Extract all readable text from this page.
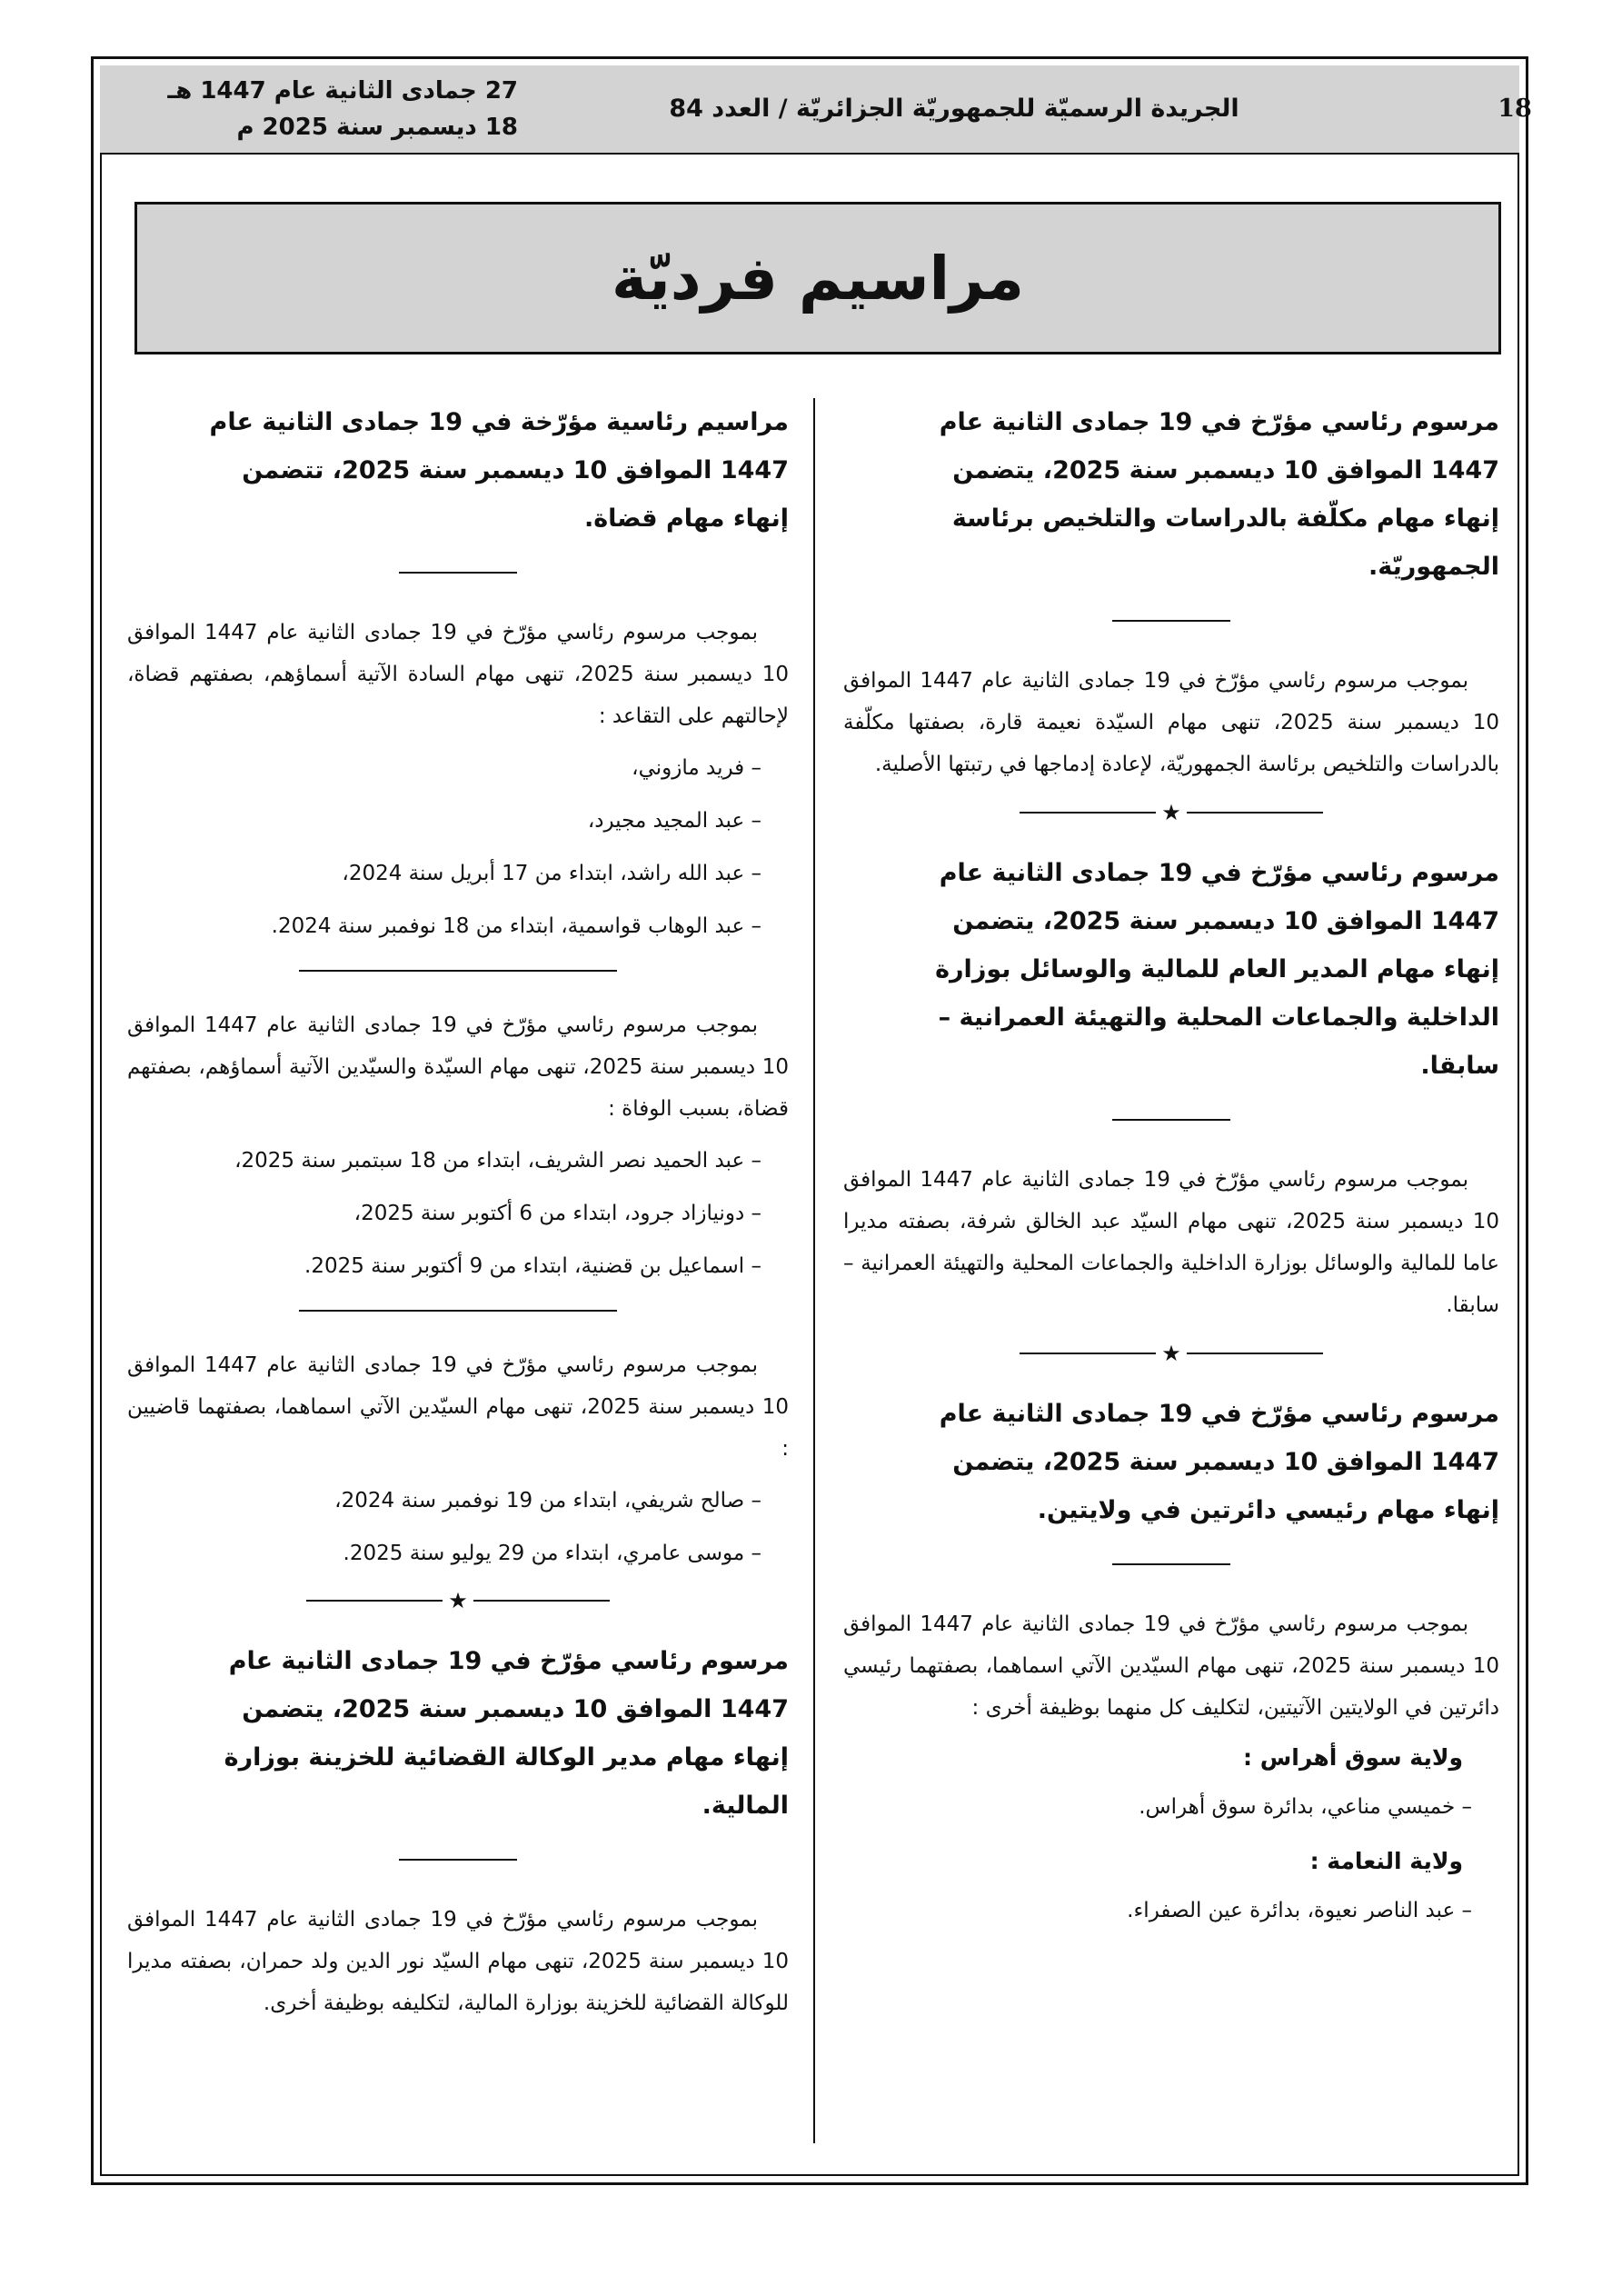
18
الجريدة الرسميّة للجمهوريّة الجزائريّة / العدد 84
27 جمادى الثانية عام 1447 هـ
18 ديسمبر سنة 2025 م
مراسيم فرديّة

مرسوم رئاسي مؤرّخ في 19 جمادى الثانية عام 1447 الموافق 10 ديسمبر سنة 2025، يتضمن إنهاء مهام مكلّفة بالدراسات والتلخيص برئاسة الجمهوريّة.

بموجب مرسوم رئاسي مؤرّخ في 19 جمادى الثانية عام 1447 الموافق 10 ديسمبر سنة 2025، تنهى مهام السيّدة نعيمة قارة، بصفتها مكلّفة بالدراسات والتلخيص برئاسة الجمهوريّة، لإعادة إدماجها في رتبتها الأصلية.

★

مرسوم رئاسي مؤرّخ في 19 جمادى الثانية عام 1447 الموافق 10 ديسمبر سنة 2025، يتضمن إنهاء مهام المدير العام للمالية والوسائل بوزارة الداخلية والجماعات المحلية والتهيئة العمرانية – سابقا.

بموجب مرسوم رئاسي مؤرّخ في 19 جمادى الثانية عام 1447 الموافق 10 ديسمبر سنة 2025، تنهى مهام السيّد عبد الخالق شرفة، بصفته مديرا عاما للمالية والوسائل بوزارة الداخلية والجماعات المحلية والتهيئة العمرانية – سابقا.

★

مرسوم رئاسي مؤرّخ في 19 جمادى الثانية عام 1447 الموافق 10 ديسمبر سنة 2025، يتضمن إنهاء مهام رئيسي دائرتين في ولايتين.

بموجب مرسوم رئاسي مؤرّخ في 19 جمادى الثانية عام 1447 الموافق 10 ديسمبر سنة 2025، تنهى مهام السيّدين الآتي اسماهما، بصفتهما رئيسي دائرتين في الولايتين الآتيتين، لتكليف كل منهما بوظيفة أخرى :

ولاية سوق أهراس :
– خميسي مناعي، بدائرة سوق أهراس.
ولاية النعامة :
– عبد الناصر نعيوة، بدائرة عين الصفراء.

مراسيم رئاسية مؤرّخة في 19 جمادى الثانية عام 1447 الموافق 10 ديسمبر سنة 2025، تتضمن إنهاء مهام قضاة.

بموجب مرسوم رئاسي مؤرّخ في 19 جمادى الثانية عام 1447 الموافق 10 ديسمبر سنة 2025، تنهى مهام السادة الآتية أسماؤهم، بصفتهم قضاة، لإحالتهم على التقاعد :

– فريد مازوني،
– عبد المجيد مجيرد،
– عبد الله راشد، ابتداء من 17 أبريل سنة 2024،
– عبد الوهاب قواسمية، ابتداء من 18 نوفمبر سنة 2024.

بموجب مرسوم رئاسي مؤرّخ في 19 جمادى الثانية عام 1447 الموافق 10 ديسمبر سنة 2025، تنهى مهام السيّدة والسيّدين الآتية أسماؤهم، بصفتهم قضاة، بسبب الوفاة :

– عبد الحميد نصر الشريف، ابتداء من 18 سبتمبر سنة 2025،
– دونيازاد جرود، ابتداء من 6 أكتوبر سنة 2025،
– اسماعيل بن قضنية، ابتداء من 9 أكتوبر سنة 2025.

بموجب مرسوم رئاسي مؤرّخ في 19 جمادى الثانية عام 1447 الموافق 10 ديسمبر سنة 2025، تنهى مهام السيّدين الآتي اسماهما، بصفتهما قاضيين :

– صالح شريفي، ابتداء من 19 نوفمبر سنة 2024،
– موسى عامري، ابتداء من 29 يوليو سنة 2025.
★

مرسوم رئاسي مؤرّخ في 19 جمادى الثانية عام 1447 الموافق 10 ديسمبر سنة 2025، يتضمن إنهاء مهام مدير الوكالة القضائية للخزينة بوزارة المالية.

بموجب مرسوم رئاسي مؤرّخ في 19 جمادى الثانية عام 1447 الموافق 10 ديسمبر سنة 2025، تنهى مهام السيّد نور الدين ولد حمران، بصفته مديرا للوكالة القضائية للخزينة بوزارة المالية، لتكليفه بوظيفة أخرى.
